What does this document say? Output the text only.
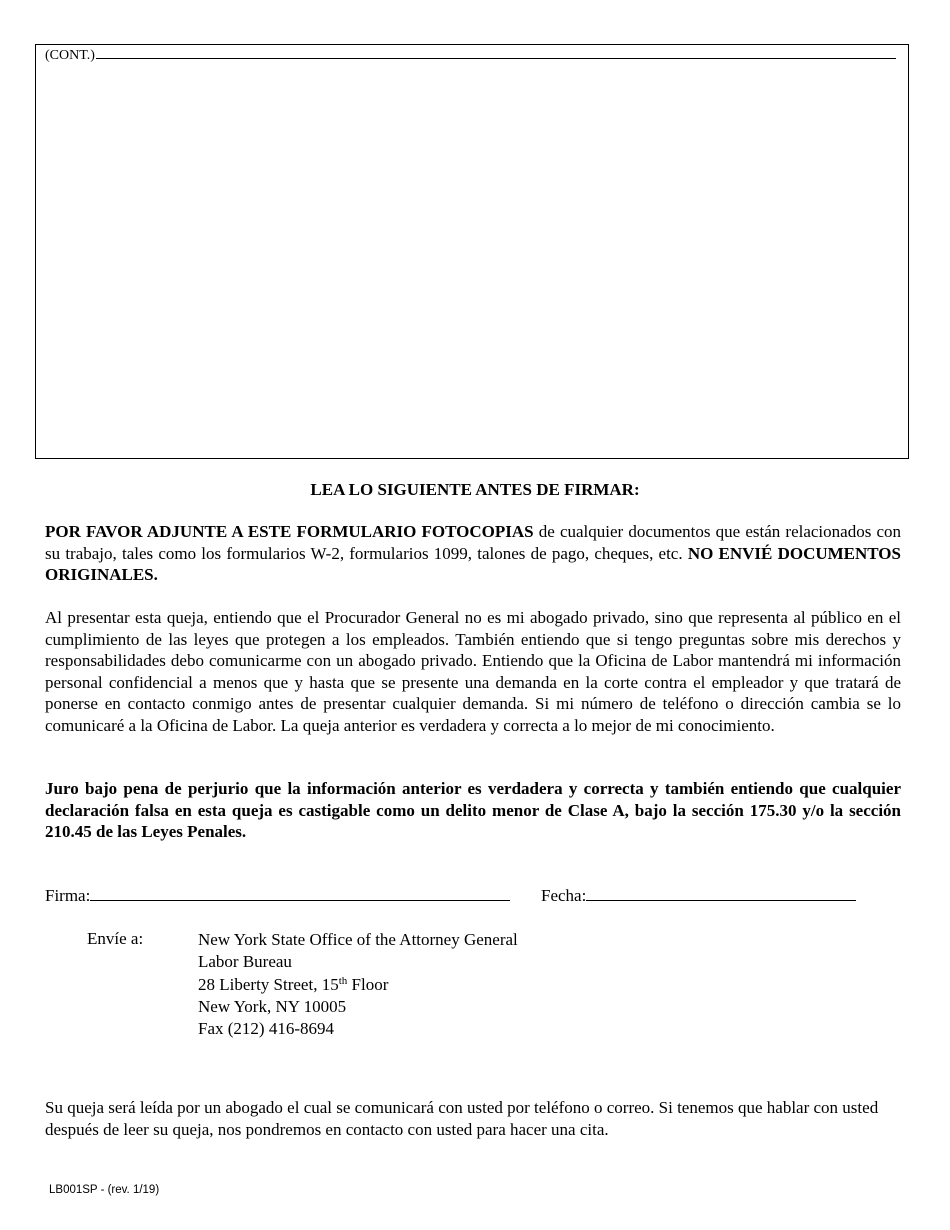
(CONT.)
LEA LO SIGUIENTE ANTES DE FIRMAR:
POR FAVOR ADJUNTE A ESTE FORMULARIO FOTOCOPIAS de cualquier documentos que están relacionados con su trabajo, tales como los formularios W-2, formularios 1099, talones de pago, cheques, etc. NO ENVIÉ DOCUMENTOS ORIGINALES.
Al presentar esta queja, entiendo que el Procurador General no es mi abogado privado, sino que representa al público en el cumplimiento de las leyes que protegen a los empleados. También entiendo que si tengo preguntas sobre mis derechos y responsabilidades debo comunicarme con un abogado privado. Entiendo que la Oficina de Labor mantendrá mi información personal confidencial a menos que y hasta que se presente una demanda en la corte contra el empleador y que tratará de ponerse en contacto conmigo antes de presentar cualquier demanda. Si mi número de teléfono o dirección cambia se lo comunicaré a la Oficina de Labor. La queja anterior es verdadera y correcta a lo mejor de mi conocimiento.
Juro bajo pena de perjurio que la información anterior es verdadera y correcta y también entiendo que cualquier declaración falsa en esta queja es castigable como un delito menor de Clase A, bajo la sección 175.30 y/o la sección 210.45 de las Leyes Penales.
Firma:	Fecha:
Envíe a:	New York State Office of the Attorney General
Labor Bureau
28 Liberty Street, 15th Floor
New York, NY 10005
Fax (212) 416-8694
Su queja será leída por un abogado el cual se comunicará con usted por teléfono o correo. Si tenemos que hablar con usted después de leer su queja, nos pondremos en contacto con usted para hacer una cita.
LB001SP - (rev. 1/19)
